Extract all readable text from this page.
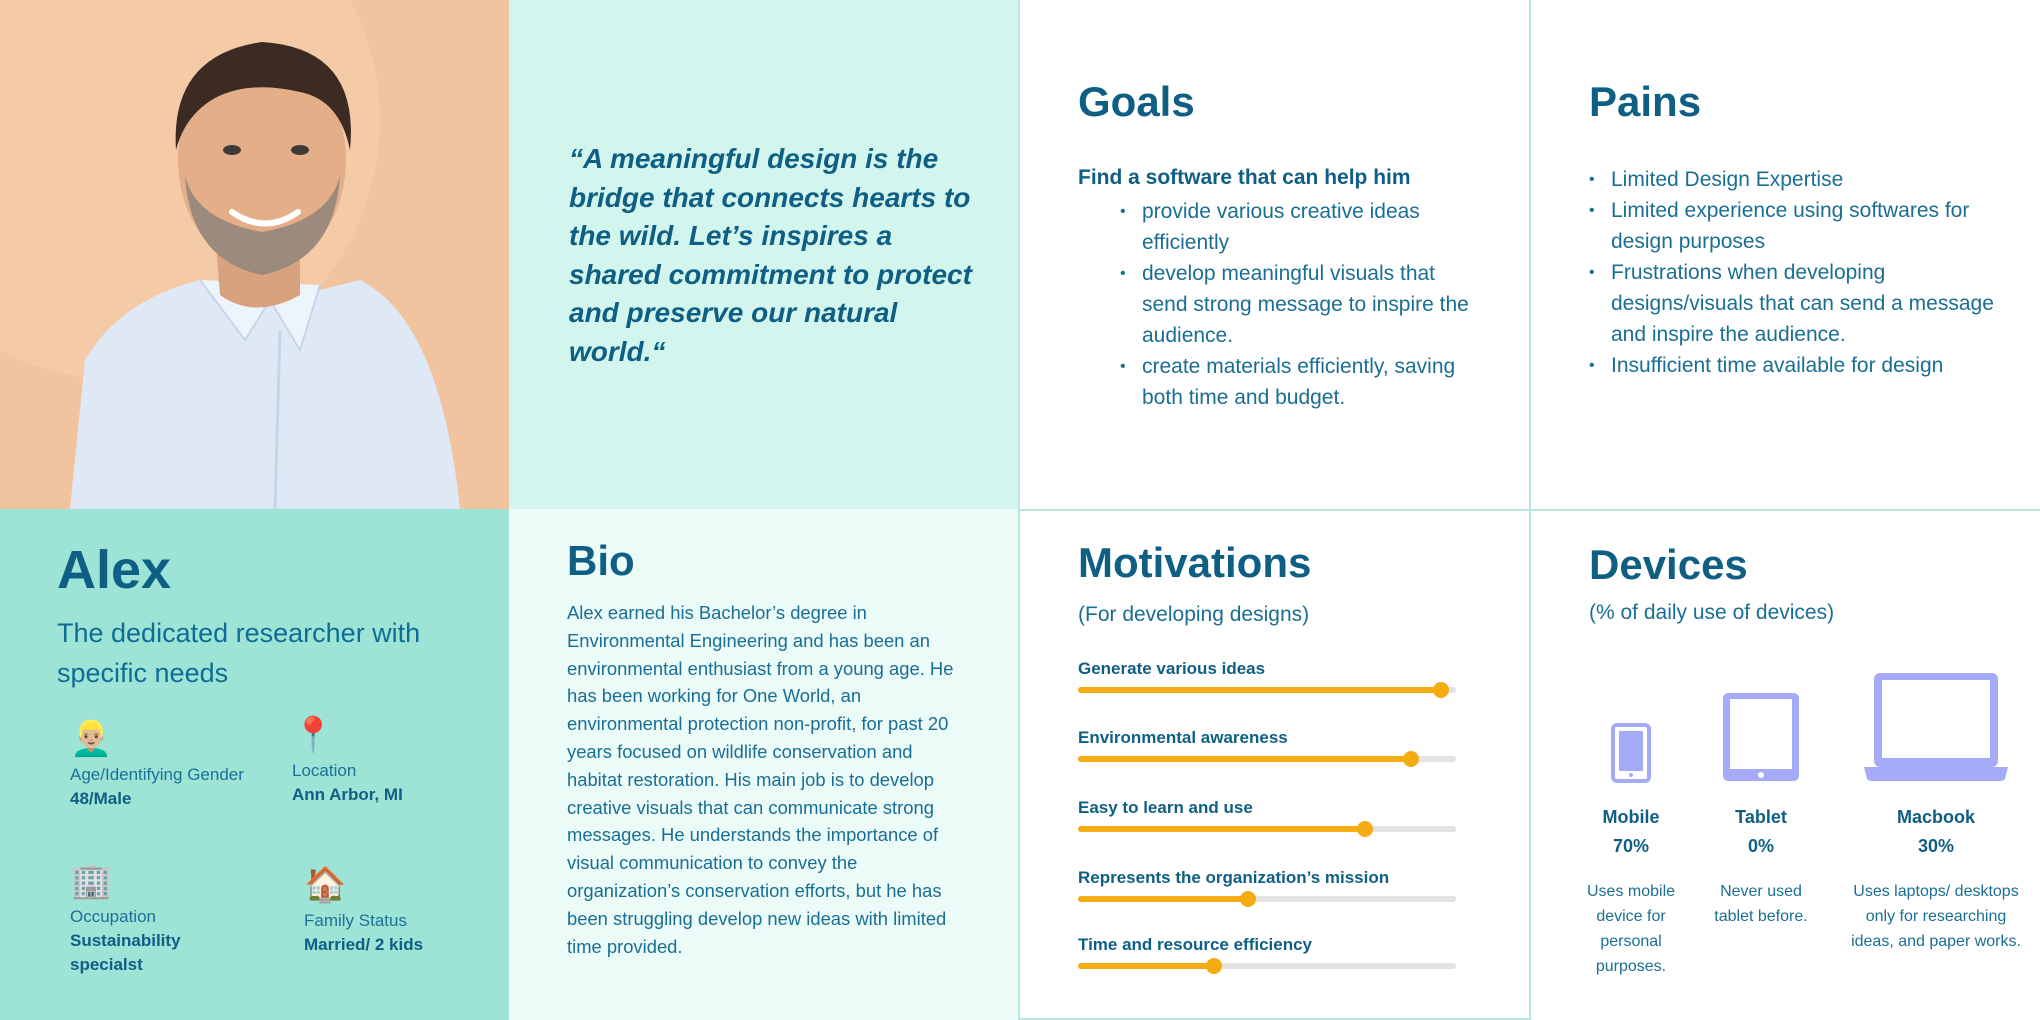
“A meaningful design is the bridge that connects hearts to the wild. Let’s inspires a shared commitment to protect and preserve our natural world.“

Goals

Find a software that can help him

• provide various creative ideas efficiently
• develop meaningful visuals that send strong message to inspire the audience.
• create materials efficiently, saving both time and budget.
Pains
• Limited Design Expertise
• Limited experience using softwares for design purposes
• Frustrations when developing designs/visuals that can send a message and inspire the audience.
• Insufficient time available for design
Alex

The dedicated researcher with specific needs

👱🏼‍♂️
Age/Identifying Gender
48/Male
📍
Location
Ann Arbor, MI
🏢
Occupation
Sustainability specialst
🏠
Family Status
Married/ 2 kids
Bio

Alex earned his Bachelor’s degree in Environmental Engineering and has been an environmental enthusiast from a young age. He has been working for One World, an environmental protection non-profit, for past 20 years focused on wildlife conservation and habitat restoration. His main job is to develop creative visuals that can communicate strong messages. He understands the importance of visual communication to convey the organization’s conservation efforts, but he has been struggling develop new ideas with limited time provided.

Motivations

(For developing designs)

Generate various ideas
Environmental awareness
Easy to learn and use
Represents the organization’s mission
Time and resource efficiency
Devices

(% of daily use of devices)

Mobile
70%
Uses mobile device for personal purposes.
Tablet
0%
Never used tablet before.
Macbook
30%
Uses laptops/ desktops only for researching ideas, and paper works.
